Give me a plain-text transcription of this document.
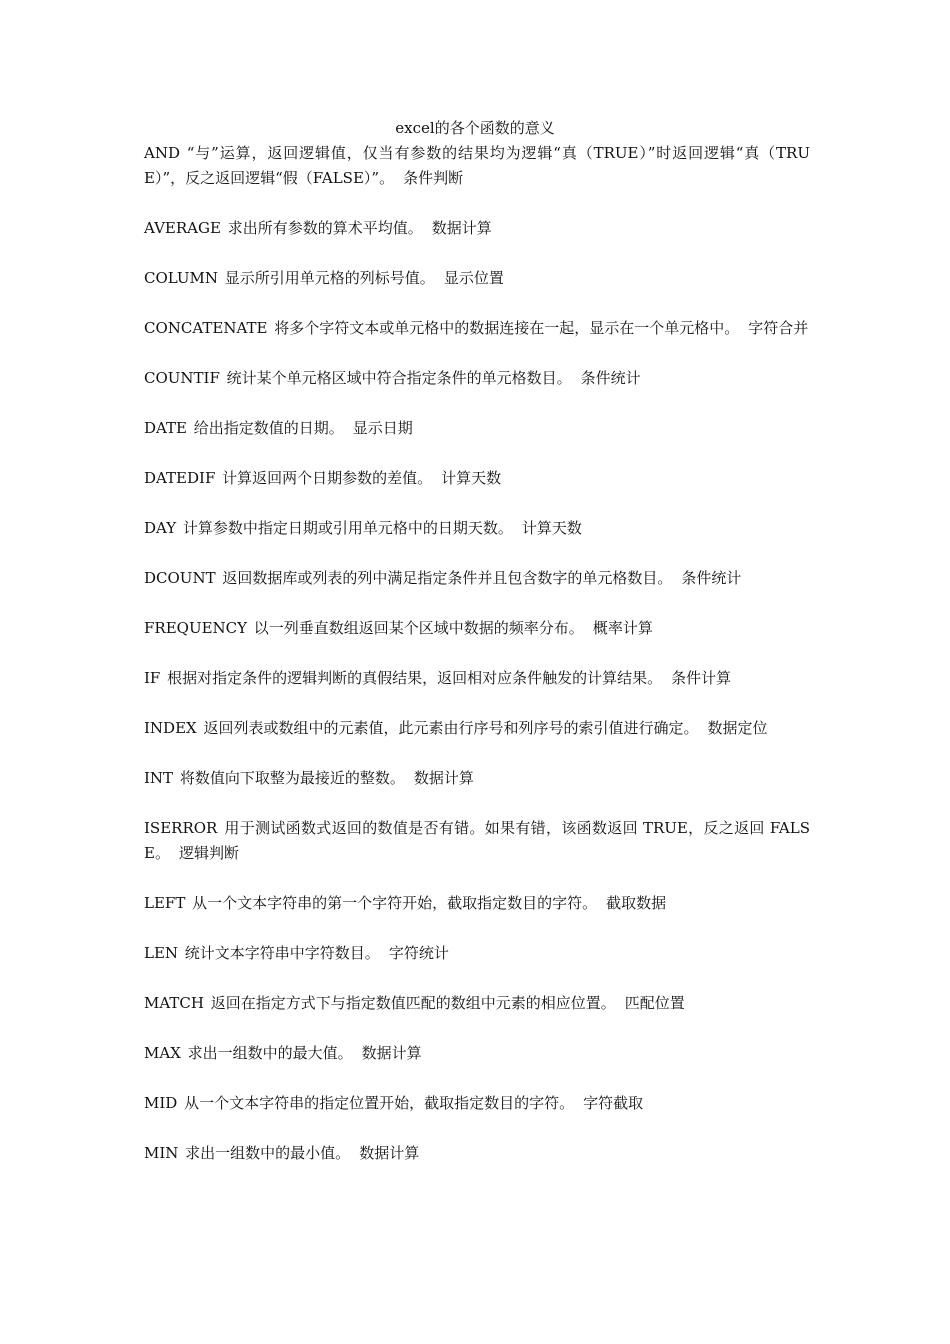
excel的各个函数的意义

AND “与”运算，返回逻辑值，仅当有参数的结果均为逻辑“真（TRUE）”时返回逻辑“真（TRUE）”，反之返回逻辑“假（FALSE）”。 条件判断

AVERAGE 求出所有参数的算术平均值。 数据计算

COLUMN 显示所引用单元格的列标号值。 显示位置

CONCATENATE 将多个字符文本或单元格中的数据连接在一起，显示在一个单元格中。 字符合并

COUNTIF 统计某个单元格区域中符合指定条件的单元格数目。 条件统计

DATE 给出指定数值的日期。 显示日期

DATEDIF 计算返回两个日期参数的差值。 计算天数

DAY 计算参数中指定日期或引用单元格中的日期天数。 计算天数

DCOUNT 返回数据库或列表的列中满足指定条件并且包含数字的单元格数目。 条件统计

FREQUENCY 以一列垂直数组返回某个区域中数据的频率分布。 概率计算

IF 根据对指定条件的逻辑判断的真假结果，返回相对应条件触发的计算结果。 条件计算

INDEX 返回列表或数组中的元素值，此元素由行序号和列序号的索引值进行确定。 数据定位

INT 将数值向下取整为最接近的整数。 数据计算

ISERROR 用于测试函数式返回的数值是否有错。如果有错，该函数返回 TRUE，反之返回 FALSE。 逻辑判断

LEFT 从一个文本字符串的第一个字符开始，截取指定数目的字符。 截取数据

LEN 统计文本字符串中字符数目。 字符统计

MATCH 返回在指定方式下与指定数值匹配的数组中元素的相应位置。 匹配位置

MAX 求出一组数中的最大值。 数据计算

MID 从一个文本字符串的指定位置开始，截取指定数目的字符。 字符截取

MIN 求出一组数中的最小值。 数据计算
